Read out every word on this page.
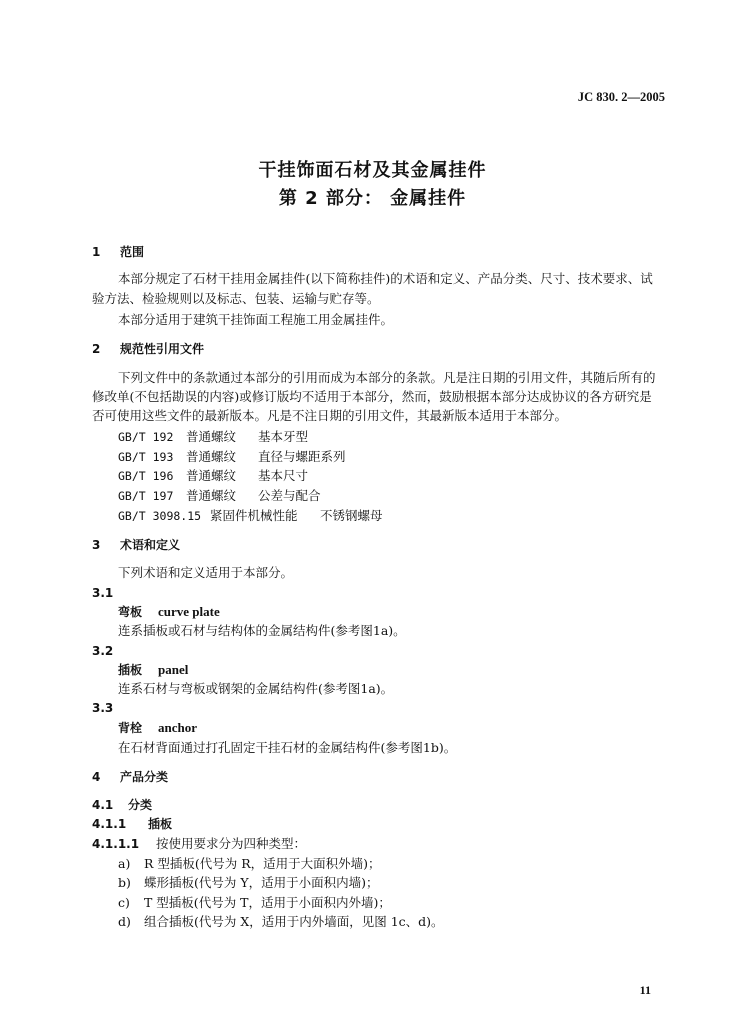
JC 830. 2—2005
干挂饰面石材及其金属挂件
第 2 部分： 金属挂件
1 范围
本部分规定了石材干挂用金属挂件(以下简称挂件)的术语和定义、产品分类、尺寸、技术要求、试
验方法、检验规则以及标志、包装、运输与贮存等。
本部分适用于建筑干挂饰面工程施工用金属挂件。
2 规范性引用文件
下列文件中的条款通过本部分的引用而成为本部分的条款。凡是注日期的引用文件，其随后所有的
修改单(不包括勘误的内容)或修订版均不适用于本部分，然而，鼓励根据本部分达成协议的各方研究是
否可使用这些文件的最新版本。凡是不注日期的引用文件，其最新版本适用于本部分。
GB/T 192 普通螺纹 基本牙型
GB/T 193 普通螺纹 直径与螺距系列
GB/T 196 普通螺纹 基本尺寸
GB/T 197 普通螺纹 公差与配合
GB/T 3098.15 紧固件机械性能 不锈钢螺母
3 术语和定义
下列术语和定义适用于本部分。
3.1
弯板 curve plate
连系插板或石材与结构体的金属结构件(参考图1a)。
3.2
插板 panel
连系石材与弯板或钢架的金属结构件(参考图1a)。
3.3
背栓 anchor
在石材背面通过打孔固定干挂石材的金属结构件(参考图1b)。
4 产品分类
4.1 分类
4.1.1 插板
4.1.1.1 按使用要求分为四种类型：
a) R 型插板(代号为 R，适用于大面积外墙)；
b) 蝶形插板(代号为 Y，适用于小面积内墙)；
c) T 型插板(代号为 T，适用于小面积内外墙)；
d) 组合插板(代号为 X，适用于内外墙面，见图 1c、d)。
11
